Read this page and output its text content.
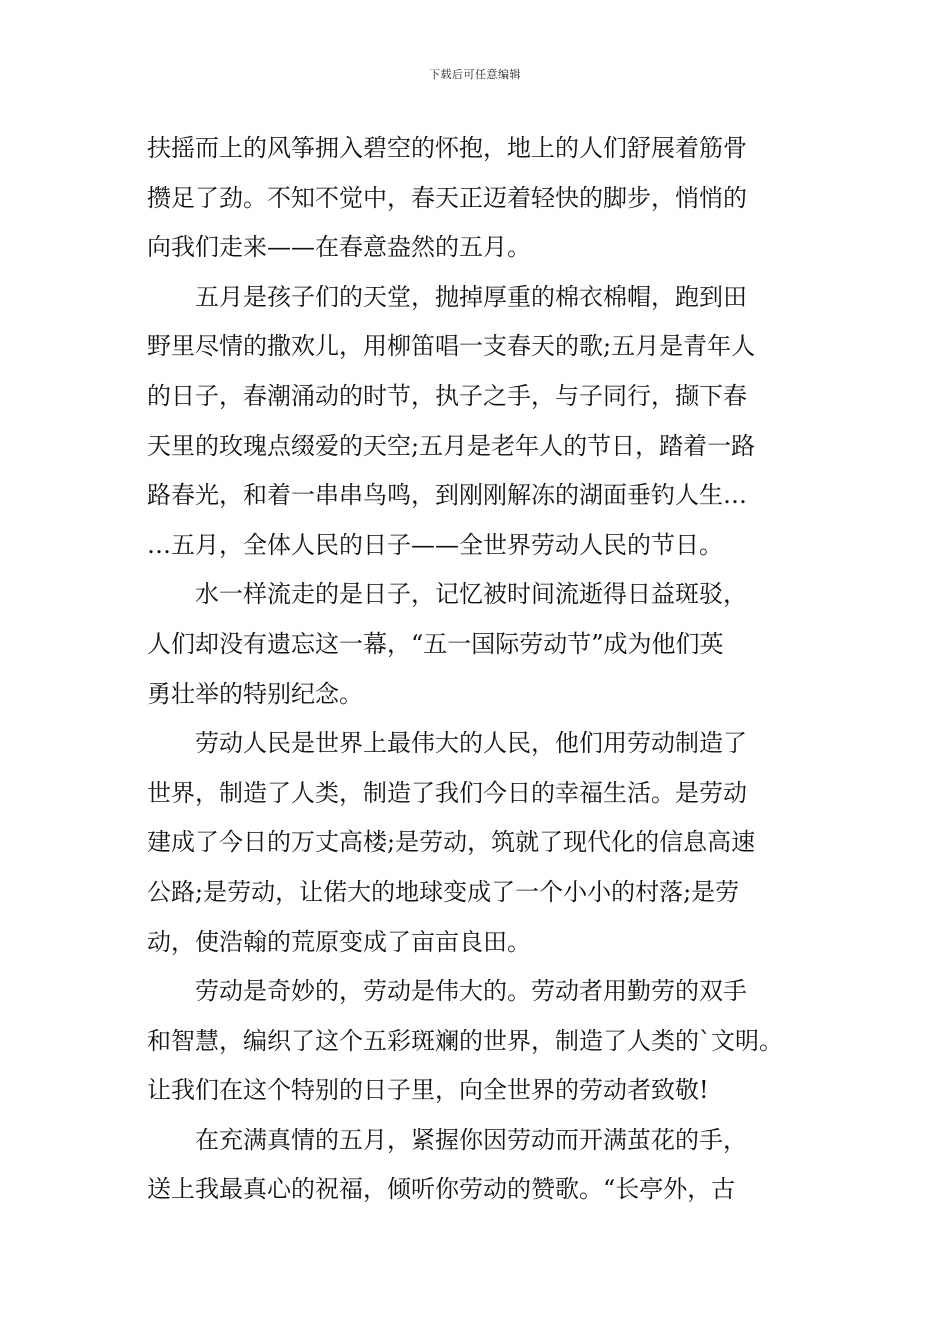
下载后可任意编辑
扶摇而上的风筝拥入碧空的怀抱，地上的人们舒展着筋骨
攒足了劲。不知不觉中，春天正迈着轻快的脚步，悄悄的
向我们走来——在春意盎然的五月。
五月是孩子们的天堂，抛掉厚重的棉衣棉帽，跑到田
野里尽情的撒欢儿，用柳笛唱一支春天的歌;五月是青年人
的日子，春潮涌动的时节，执子之手，与子同行，撷下春
天里的玫瑰点缀爱的天空;五月是老年人的节日，踏着一路
路春光，和着一串串鸟鸣，到刚刚解冻的湖面垂钓人生…
…五月，全体人民的日子——全世界劳动人民的节日。
水一样流走的是日子，记忆被时间流逝得日益斑驳，
人们却没有遗忘这一幕，“五一国际劳动节”成为他们英
勇壮举的特别纪念。
劳动人民是世界上最伟大的人民，他们用劳动制造了
世界，制造了人类，制造了我们今日的幸福生活。是劳动
建成了今日的万丈高楼;是劳动，筑就了现代化的信息高速
公路;是劳动，让偌大的地球变成了一个小小的村落;是劳
动，使浩翰的荒原变成了亩亩良田。
劳动是奇妙的，劳动是伟大的。劳动者用勤劳的双手
和智慧，编织了这个五彩斑斓的世界，制造了人类的`文明。
让我们在这个特别的日子里，向全世界的劳动者致敬!
在充满真情的五月，紧握你因劳动而开满茧花的手，
送上我最真心的祝福，倾听你劳动的赞歌。“长亭外，古
